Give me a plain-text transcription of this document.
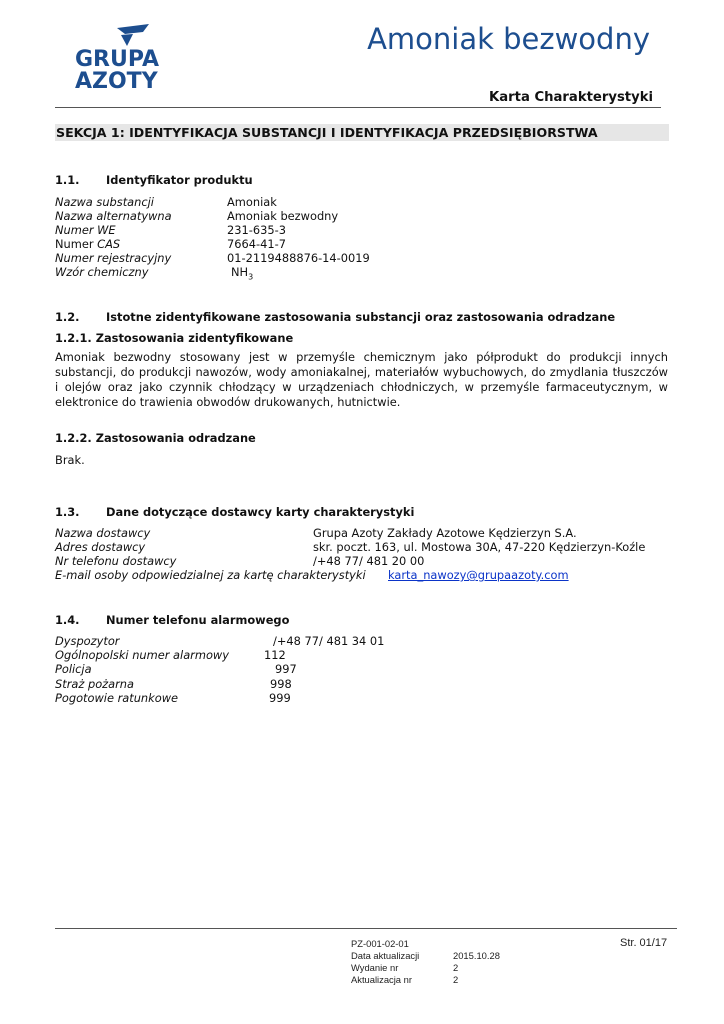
GRUPA
AZOTY
Amoniak bezwodny
Karta Charakterystyki
SEKCJA 1: IDENTYFIKACJA SUBSTANCJI I IDENTYFIKACJA PRZEDSIĘBIORSTWA
1.1. Identyfikator produktu
Nazwa substancji	Amoniak
Nazwa alternatywna	Amoniak bezwodny
Numer WE	231-635-3
Numer CAS	7664-41-7
Numer rejestracyjny	01-2119488876-14-0019
Wzór chemiczny	$NH_3$
1.2. Istotne zidentyfikowane zastosowania substancji oraz zastosowania odradzane
1.2.1. Zastosowania zidentyfikowane
Amoniak bezwodny stosowany jest w przemyśle chemicznym jako półprodukt do produkcji innych substancji, do produkcji nawozów, wody amoniakalnej, materiałów wybuchowych, do zmydlania tłuszczów i olejów oraz jako czynnik chłodzący w urządzeniach chłodniczych, w przemyśle farmaceutycznym, w elektronice do trawienia obwodów drukowanych, hutnictwie.
1.2.2. Zastosowania odradzane
Brak.
1.3. Dane dotyczące dostawcy karty charakterystyki
Nazwa dostawcy	Grupa Azoty Zakłady Azotowe Kędzierzyn S.A.
Adres dostawcy	skr. poczt. 163, ul. Mostowa 30A, 47-220 Kędzierzyn-Koźle
Nr telefonu dostawcy	/+48 77/ 481 20 00
E-mail osoby odpowiedzialnej za kartę charakterystyki karta_nawozy@grupaazoty.com
1.4. Numer telefonu alarmowego
Dyspozytor	/+48 77/ 481 34 01
Ogólnopolski numer alarmowy	112
Policja	997
Straż pożarna	998
Pogotowie ratunkowe	999
PZ-001-02-01
Data aktualizacji	2015.10.28
Wydanie nr	2
Aktualizacja nr	2
Str. 01/17
